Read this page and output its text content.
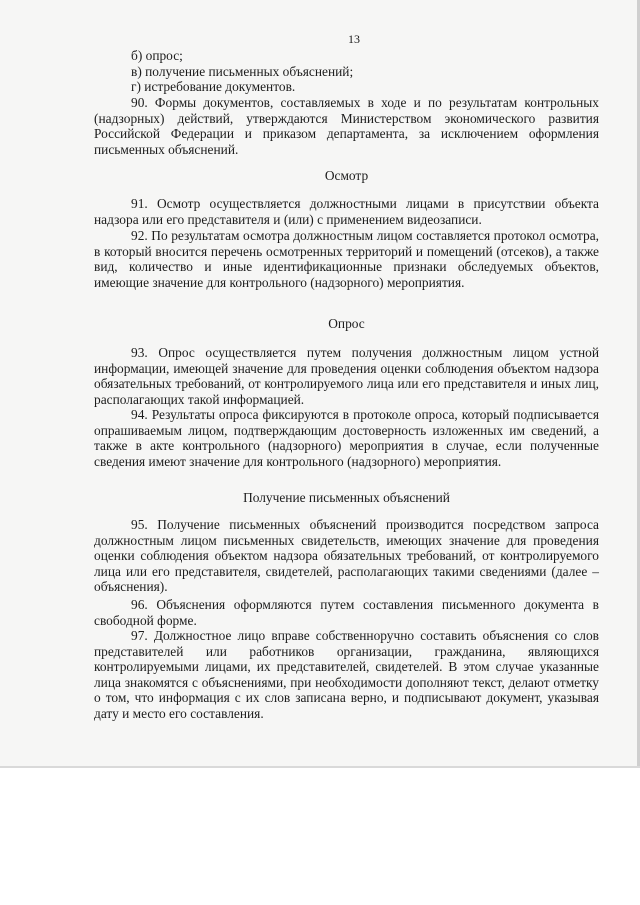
13
б) опрос;
в) получение письменных объяснений;
г) истребование документов.
90. Формы документов, составляемых в ходе и по результатам контрольных (надзорных) действий, утверждаются Министерством экономического развития Российской Федерации и приказом департамента, за исключением оформления письменных объяснений.
Осмотр
91. Осмотр осуществляется должностными лицами в присутствии объекта надзора или его представителя и (или) с применением видеозаписи.
92. По результатам осмотра должностным лицом составляется протокол осмотра, в который вносится перечень осмотренных территорий и помещений (отсеков), а также вид, количество и иные идентификационные признаки обследуемых объектов, имеющие значение для контрольного (надзорного) мероприятия.
Опрос
93. Опрос осуществляется путем получения должностным лицом устной информации, имеющей значение для проведения оценки соблюдения объектом надзора обязательных требований, от контролируемого лица или его представителя и иных лиц, располагающих такой информацией.
94. Результаты опроса фиксируются в протоколе опроса, который подписывается опрашиваемым лицом, подтверждающим достоверность изложенных им сведений, а также в акте контрольного (надзорного) мероприятия в случае, если полученные сведения имеют значение для контрольного (надзорного) мероприятия.
Получение письменных объяснений
95. Получение письменных объяснений производится посредством запроса должностным лицом письменных свидетельств, имеющих значение для проведения оценки соблюдения объектом надзора обязательных требований, от контролируемого лица или его представителя, свидетелей, располагающих такими сведениями (далее – объяснения).
96. Объяснения оформляются путем составления письменного документа в свободной форме.
97. Должностное лицо вправе собственноручно составить объяснения со слов представителей или работников организации, гражданина, являющихся контролируемыми лицами, их представителей, свидетелей. В этом случае указанные лица знакомятся с объяснениями, при необходимости дополняют текст, делают отметку о том, что информация с их слов записана верно, и подписывают документ, указывая дату и место его составления.
